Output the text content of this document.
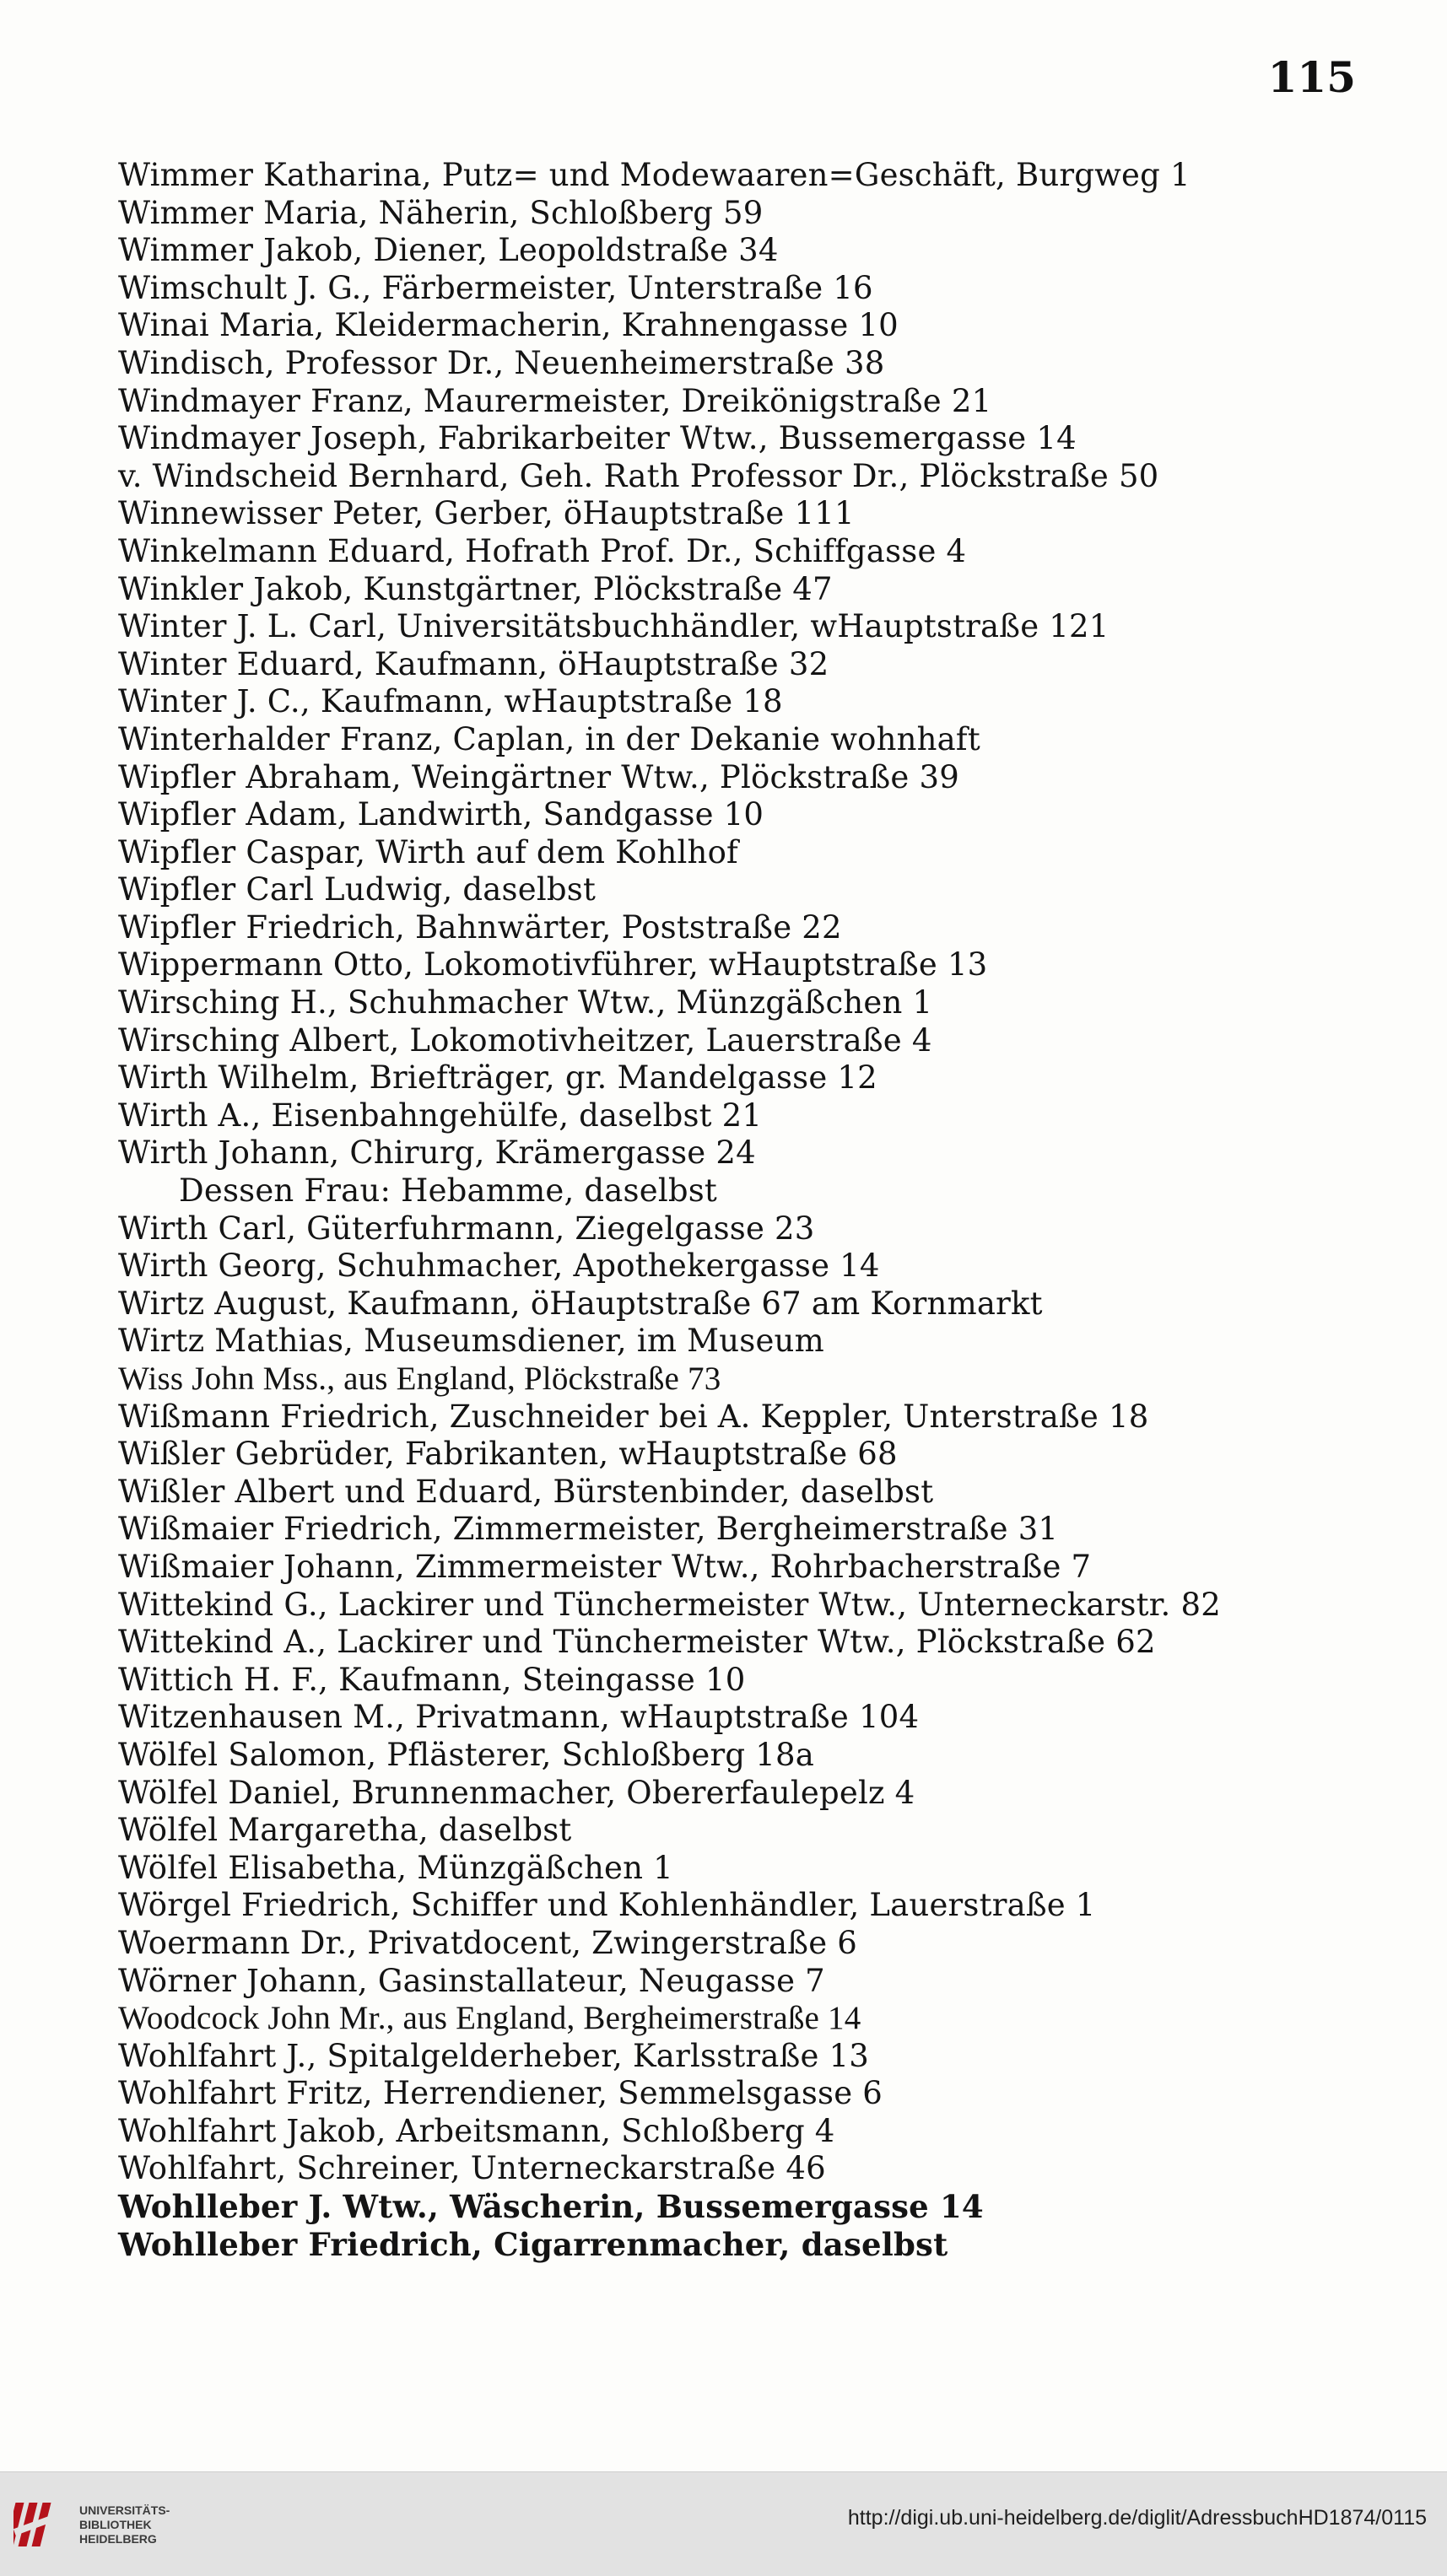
115
Wimmer Katharina, Putz= und Modewaaren=Geschäft, Burgweg 1
Wimmer Maria, Näherin, Schloßberg 59
Wimmer Jakob, Diener, Leopoldstraße 34
Wimschult J. G., Färbermeister, Unterstraße 16
Winai Maria, Kleidermacherin, Krahnengasse 10
Windisch, Professor Dr., Neuenheimerstraße 38
Windmayer Franz, Maurermeister, Dreikönigstraße 21
Windmayer Joseph, Fabrikarbeiter Wtw., Bussemergasse 14
v. Windscheid Bernhard, Geh. Rath Professor Dr., Plöckstraße 50
Winnewisser Peter, Gerber, öHauptstraße 111
Winkelmann Eduard, Hofrath Prof. Dr., Schiffgasse 4
Winkler Jakob, Kunstgärtner, Plöckstraße 47
Winter J. L. Carl, Universitätsbuchhändler, wHauptstraße 121
Winter Eduard, Kaufmann, öHauptstraße 32
Winter J. C., Kaufmann, wHauptstraße 18
Winterhalder Franz, Caplan, in der Dekanie wohnhaft
Wipfler Abraham, Weingärtner Wtw., Plöckstraße 39
Wipfler Adam, Landwirth, Sandgasse 10
Wipfler Caspar, Wirth auf dem Kohlhof
Wipfler Carl Ludwig, daselbst
Wipfler Friedrich, Bahnwärter, Poststraße 22
Wippermann Otto, Lokomotivführer, wHauptstraße 13
Wirsching H., Schuhmacher Wtw., Münzgäßchen 1
Wirsching Albert, Lokomotivheitzer, Lauerstraße 4
Wirth Wilhelm, Briefträger, gr. Mandelgasse 12
Wirth A., Eisenbahngehülfe, daselbst 21
Wirth Johann, Chirurg, Krämergasse 24
Dessen Frau: Hebamme, daselbst
Wirth Carl, Güterfuhrmann, Ziegelgasse 23
Wirth Georg, Schuhmacher, Apothekergasse 14
Wirtz August, Kaufmann, öHauptstraße 67 am Kornmarkt
Wirtz Mathias, Museumsdiener, im Museum
Wiss John Mss., aus England, Plöckstraße 73
Wißmann Friedrich, Zuschneider bei A. Keppler, Unterstraße 18
Wißler Gebrüder, Fabrikanten, wHauptstraße 68
Wißler Albert und Eduard, Bürstenbinder, daselbst
Wißmaier Friedrich, Zimmermeister, Bergheimerstraße 31
Wißmaier Johann, Zimmermeister Wtw., Rohrbacherstraße 7
Wittekind G., Lackirer und Tünchermeister Wtw., Unterneckarstr. 82
Wittekind A., Lackirer und Tünchermeister Wtw., Plöckstraße 62
Wittich H. F., Kaufmann, Steingasse 10
Witzenhausen M., Privatmann, wHauptstraße 104
Wölfel Salomon, Pflästerer, Schloßberg 18a
Wölfel Daniel, Brunnenmacher, Obererfaulepelz 4
Wölfel Margaretha, daselbst
Wölfel Elisabetha, Münzgäßchen 1
Wörgel Friedrich, Schiffer und Kohlenhändler, Lauerstraße 1
Woermann Dr., Privatdocent, Zwingerstraße 6
Wörner Johann, Gasinstallateur, Neugasse 7
Woodcock John Mr., aus England, Bergheimerstraße 14
Wohlfahrt J., Spitalgelderheber, Karlsstraße 13
Wohlfahrt Fritz, Herrendiener, Semmelsgasse 6
Wohlfahrt Jakob, Arbeitsmann, Schloßberg 4
Wohlfahrt, Schreiner, Unterneckarstraße 46
Wohlleber J. Wtw., Wäscherin, Bussemergasse 14
Wohlleber Friedrich, Cigarrenmacher, daselbst
UNIVERSITÄTS-
BIBLIOTHEK
HEIDELBERG
http://digi.ub.uni-heidelberg.de/diglit/AdressbuchHD1874/0115
